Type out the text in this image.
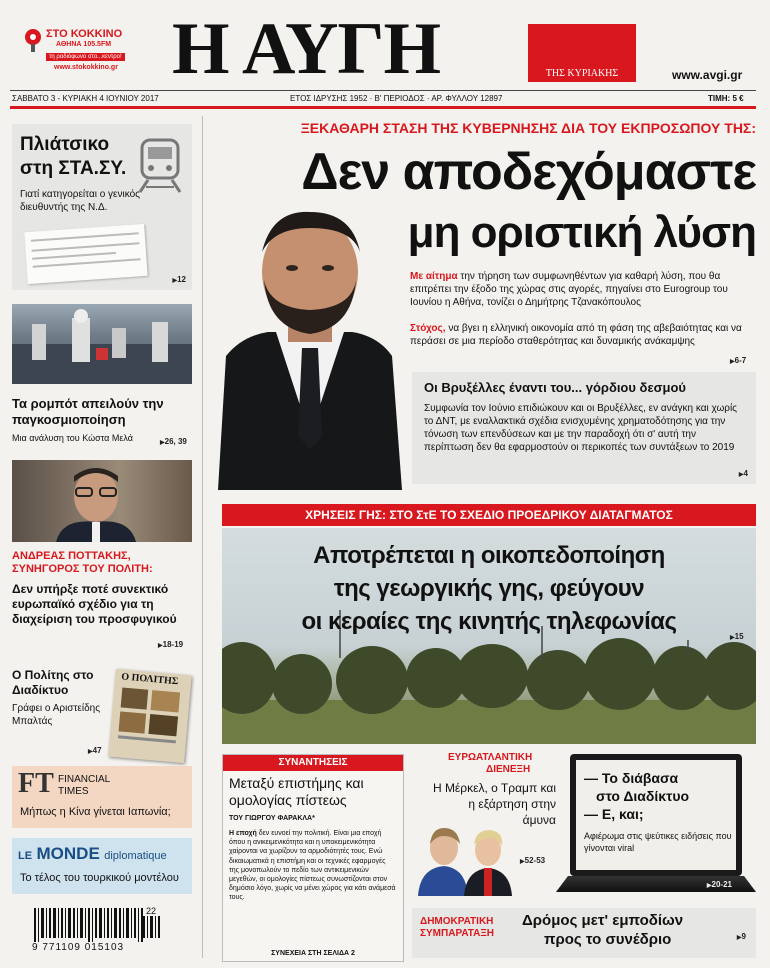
ΣΤΟ ΚΟΚΚΙΝΟ
ΑΘΗΝΑ 105.5FM
τη ραδιόφωνο στο...κεντρο!
www.stokokkino.gr Η ΑΥΓΗ	ΤΗΣ ΚΥΡΙΑΚΗΣ	www.avgi.gr
ΣΑΒΒΑΤΟ 3 - ΚΥΡΙΑΚΗ 4 ΙΟΥΝΙΟΥ 2017	ΕΤΟΣ ΙΔΡΥΣΗΣ 1952 · Β' ΠΕΡΙΟΔΟΣ · ΑΡ. ΦΥΛΛΟΥ 12897	ΤΙΜΗ: 5 €
Πλιάτσικο
στη ΣΤΑ.ΣΥ.
Γιατί κατηγορείται ο γενικός διευθυντής της Ν.Δ.
▶ 12
Τα ρομπότ απειλούν την παγκοσμιοποίηση
Μια ανάλυση του Κώστα Μελά	▶ 26, 39
ΑΝΔΡΕΑΣ ΠΟΤΤΑΚΗΣ, ΣΥΝΗΓΟΡΟΣ ΤΟΥ ΠΟΛΙΤΗ:
Δεν υπήρξε ποτέ συνεκτικό ευρωπαϊκό σχέδιο για τη διαχείριση του προσφυγικού
▶ 18-19
Ο Πολίτης στο Διαδίκτυο
Γράφει ο Αριστείδης Μπαλτάς
▶ 47
Ο ΠΟΛΙΤΗΣ
FT FINANCIAL
TIMES
Μήπως η Κίνα γίνεται Ιαπωνία;
LE MONDE diplomatique
Το τέλος του τουρκικού μοντέλου
9 771109 015103
22
ΞΕΚΑΘΑΡΗ ΣΤΑΣΗ ΤΗΣ ΚΥΒΕΡΝΗΣΗΣ ΔΙΑ ΤΟΥ ΕΚΠΡΟΣΩΠΟΥ ΤΗΣ:
Δεν αποδεχόμαστε
μη οριστική λύση
Με αίτημα την τήρηση των συμφωνηθέντων για καθαρή λύση, που θα επιτρέπει την έξοδο της χώρας στις αγορές, πηγαίνει στο Eurogroup του Ιουνίου η Αθήνα, τονίζει ο Δημήτρης Τζανακόπουλος
Στόχος, να βγει η ελληνική οικονομία από τη φάση της αβεβαιότητας και να περάσει σε μια περίοδο σταθερότητας και δυναμικής ανάκαμψης
▶ 6-7
Οι Βρυξέλλες έναντι του... γόρδιου δεσμού
Συμφωνία τον Ιούνιο επιδιώκουν και οι Βρυξέλλες, εν ανάγκη και χωρίς το ΔΝΤ, με εναλλακτικά σχέδια ενισχυμένης χρηματοδότησης για την τόνωση των επενδύσεων και με την παραδοχή ότι σ' αυτή την περίπτωση δεν θα εφαρμοστούν οι περικοπές των συντάξεων το 2019
▶ 4
ΧΡΗΣΕΙΣ ΓΗΣ: ΣΤΟ ΣτΕ ΤΟ ΣΧΕΔΙΟ ΠΡΟΕΔΡΙΚΟΥ ΔΙΑΤΑΓΜΑΤΟΣ
Αποτρέπεται η οικοπεδοποίηση
της γεωργικής γης, φεύγουν
οι κεραίες της κινητής τηλεφωνίας
▶ 15
ΣΥΝΑΝΤΗΣΕΙΣ
Μεταξύ επιστήμης και ομολογίας πίστεως
ΤΟΥ ΓΙΩΡΓΟΥ ΦΑΡΑΚΛΑ*
Η εποχή δεν ευνοεί την πολιτική. Είναι μια εποχή όπου η ανικειμενικότητα και η υποκειμενικότητα χαίρονται να χωρίζουν τα αρμοδιότητές τους. Ενώ δικαιωματικά η επιστήμη και οι τεχνικές εφαρμογές της μονοπωλούν το πεδίο των αντικειμενικών μεγεθών, οι ομολογίες πίστεως συνωστίζονται στον δημόσιο λόγο, χωρίς να μένει χώρος για κάτι ανάμεσά τους.
ΣΥΝΕΧΕΙΑ ΣΤΗ ΣΕΛΙΔΑ 2
ΕΥΡΩΑΤΛΑΝΤΙΚΗ
ΔΙΕΝΕΞΗ
Η Μέρκελ, ο Τραμπ και η εξάρτηση στην άμυνα
▶ 52-53
— Το διάβασα
στο Διαδίκτυο
— Ε, και;
Αφιέρωμα στις ψεύτικες ειδήσεις που γίνονται viral
▶ 20-21
ΔΗΜΟΚΡΑΤΙΚΗ
ΣΥΜΠΑΡΑΤΑΞΗ
Δρόμος μετ' εμποδίων
προς το συνέδριο	▶ 9
